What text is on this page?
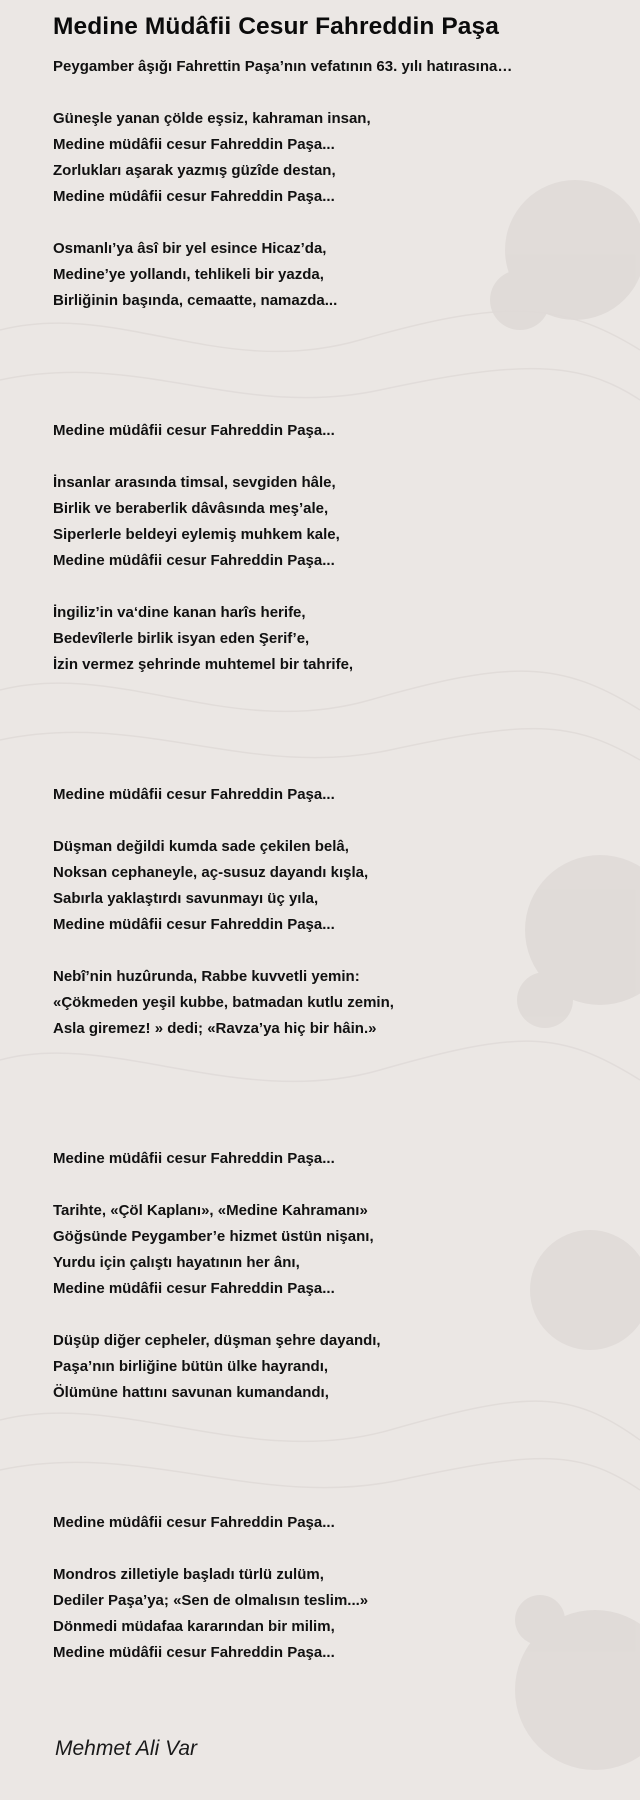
Medine Müdâfii Cesur Fahreddin Paşa
Peygamber âşığı Fahrettin Paşa’nın vefatının 63. yılı hatırasına…
Güneşle yanan çölde eşsiz, kahraman insan,
Medine müdâfii cesur Fahreddin Paşa...
Zorlukları aşarak yazmış güzîde destan,
Medine müdâfii cesur Fahreddin Paşa...
Osmanlı’ya âsî bir yel esince Hicaz’da,
Medine’ye yollandı, tehlikeli bir yazda,
Birliğinin başında, cemaatte, namazda...
Medine müdâfii cesur Fahreddin Paşa...
İnsanlar arasında timsal, sevgiden hâle,
Birlik ve beraberlik dâvâsında meş’ale,
Siperlerle beldeyi eylemiş muhkem kale,
Medine müdâfii cesur Fahreddin Paşa...
İngiliz’in va‘dine kanan harîs herife,
Bedevîlerle birlik isyan eden Şerif’e,
İzin vermez şehrinde muhtemel bir tahrife,
Medine müdâfii cesur Fahreddin Paşa...
Düşman değildi kumda sade çekilen belâ,
Noksan cephaneyle, aç-susuz dayandı kışla,
Sabırla yaklaştırdı savunmayı üç yıla,
Medine müdâfii cesur Fahreddin Paşa...
Nebî’nin huzûrunda, Rabbe kuvvetli yemin:
«Çökmeden yeşil kubbe, batmadan kutlu zemin,
Asla giremez! » dedi; «Ravza’ya hiç bir hâin.»
Medine müdâfii cesur Fahreddin Paşa...
Tarihte, «Çöl Kaplanı», «Medine Kahramanı»
Göğsünde Peygamber’e hizmet üstün nişanı,
Yurdu için çalıştı hayatının her ânı,
Medine müdâfii cesur Fahreddin Paşa...
Düşüp diğer cepheler, düşman şehre dayandı,
Paşa’nın birliğine bütün ülke hayrandı,
Ölümüne hattını savunan kumandandı,
Medine müdâfii cesur Fahreddin Paşa...
Mondros zilletiyle başladı türlü zulüm,
Dediler Paşa’ya; «Sen de olmalısın teslim...»
Dönmedi müdafaa kararından bir milim,
Medine müdâfii cesur Fahreddin Paşa...
Mehmet Ali Var
